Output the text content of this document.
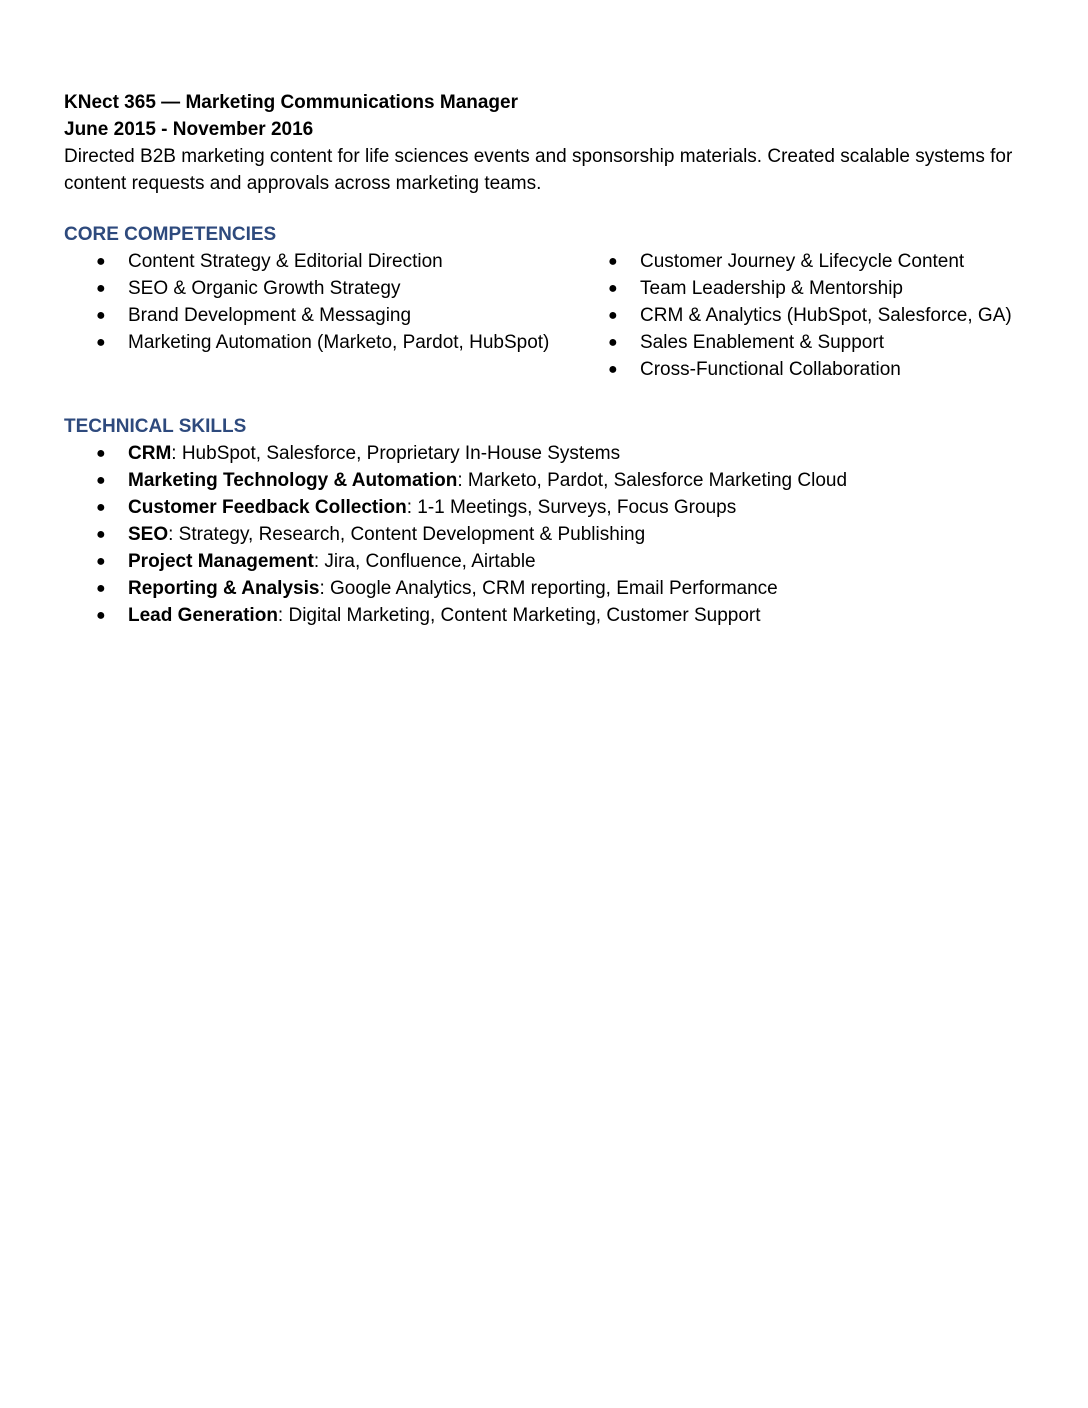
KNect 365 — Marketing Communications Manager

June 2015 - November 2016

Directed B2B marketing content for life sciences events and sponsorship materials. Created scalable systems for content requests and approvals across marketing teams.

CORE COMPETENCIES

● Content Strategy & Editorial Direction
● SEO & Organic Growth Strategy
● Brand Development & Messaging
● Marketing Automation (Marketo, Pardot, HubSpot)
● Customer Journey & Lifecycle Content
● Team Leadership & Mentorship
● CRM & Analytics (HubSpot, Salesforce, GA)
● Sales Enablement & Support
● Cross-Functional Collaboration

TECHNICAL SKILLS

● CRM: HubSpot, Salesforce, Proprietary In-House Systems
● Marketing Technology & Automation: Marketo, Pardot, Salesforce Marketing Cloud
● Customer Feedback Collection: 1-1 Meetings, Surveys, Focus Groups
● SEO: Strategy, Research, Content Development & Publishing
● Project Management: Jira, Confluence, Airtable
● Reporting & Analysis: Google Analytics, CRM reporting, Email Performance
● Lead Generation: Digital Marketing, Content Marketing, Customer Support
